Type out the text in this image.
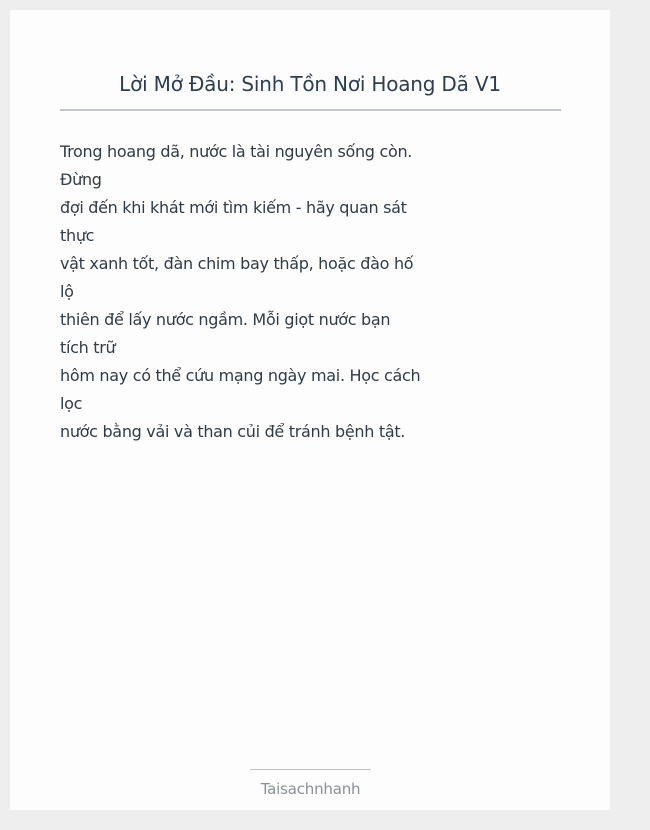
Lời Mở Đầu: Sinh Tồn Nơi Hoang Dã V1
Trong hoang dã, nước là tài nguyên sống còn.
Đừng
đợi đến khi khát mới tìm kiếm - hãy quan sát
thực
vật xanh tốt, đàn chim bay thấp, hoặc đào hố
lộ
thiên để lấy nước ngầm. Mỗi giọt nước bạn
tích trữ
hôm nay có thể cứu mạng ngày mai. Học cách
lọc
nước bằng vải và than củi để tránh bệnh tật.
Taisachnhanh
